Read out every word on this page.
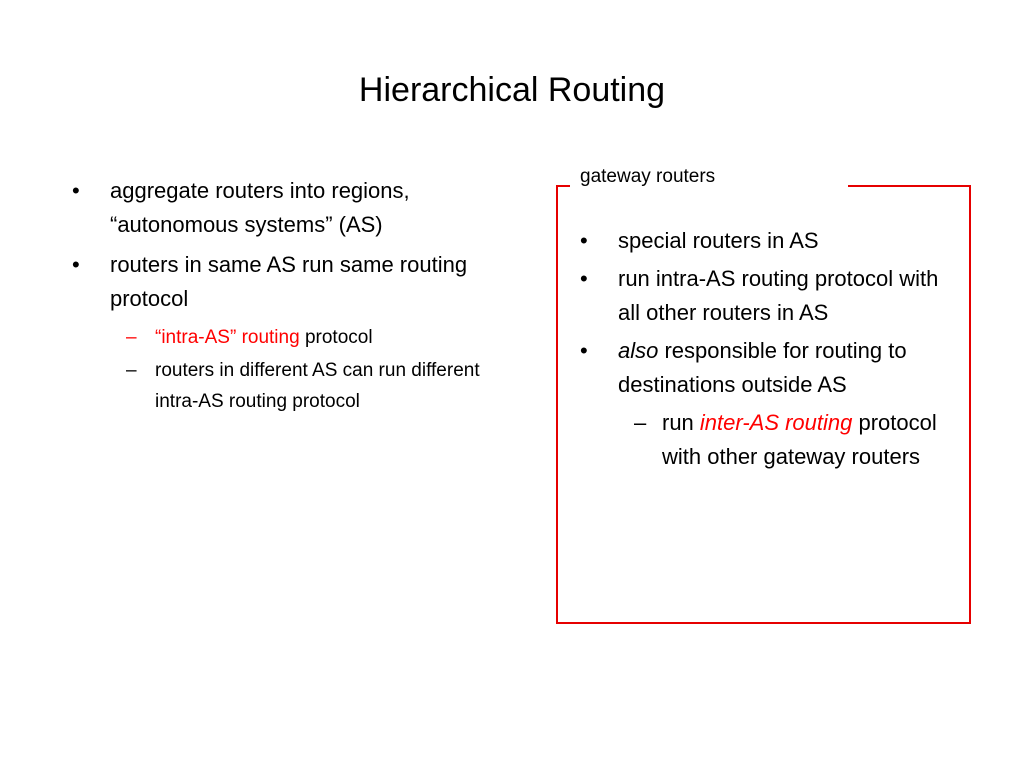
Hierarchical Routing
• aggregate routers into regions, “autonomous systems” (AS)
• routers in same AS run same routing protocol
– “intra-AS” routing protocol
– routers in different AS can run different intra-AS routing protocol
gateway routers
• special routers in AS
• run intra-AS routing protocol with all other routers in AS
• also responsible for routing to destinations outside AS
– run inter-AS routing protocol with other gateway routers
